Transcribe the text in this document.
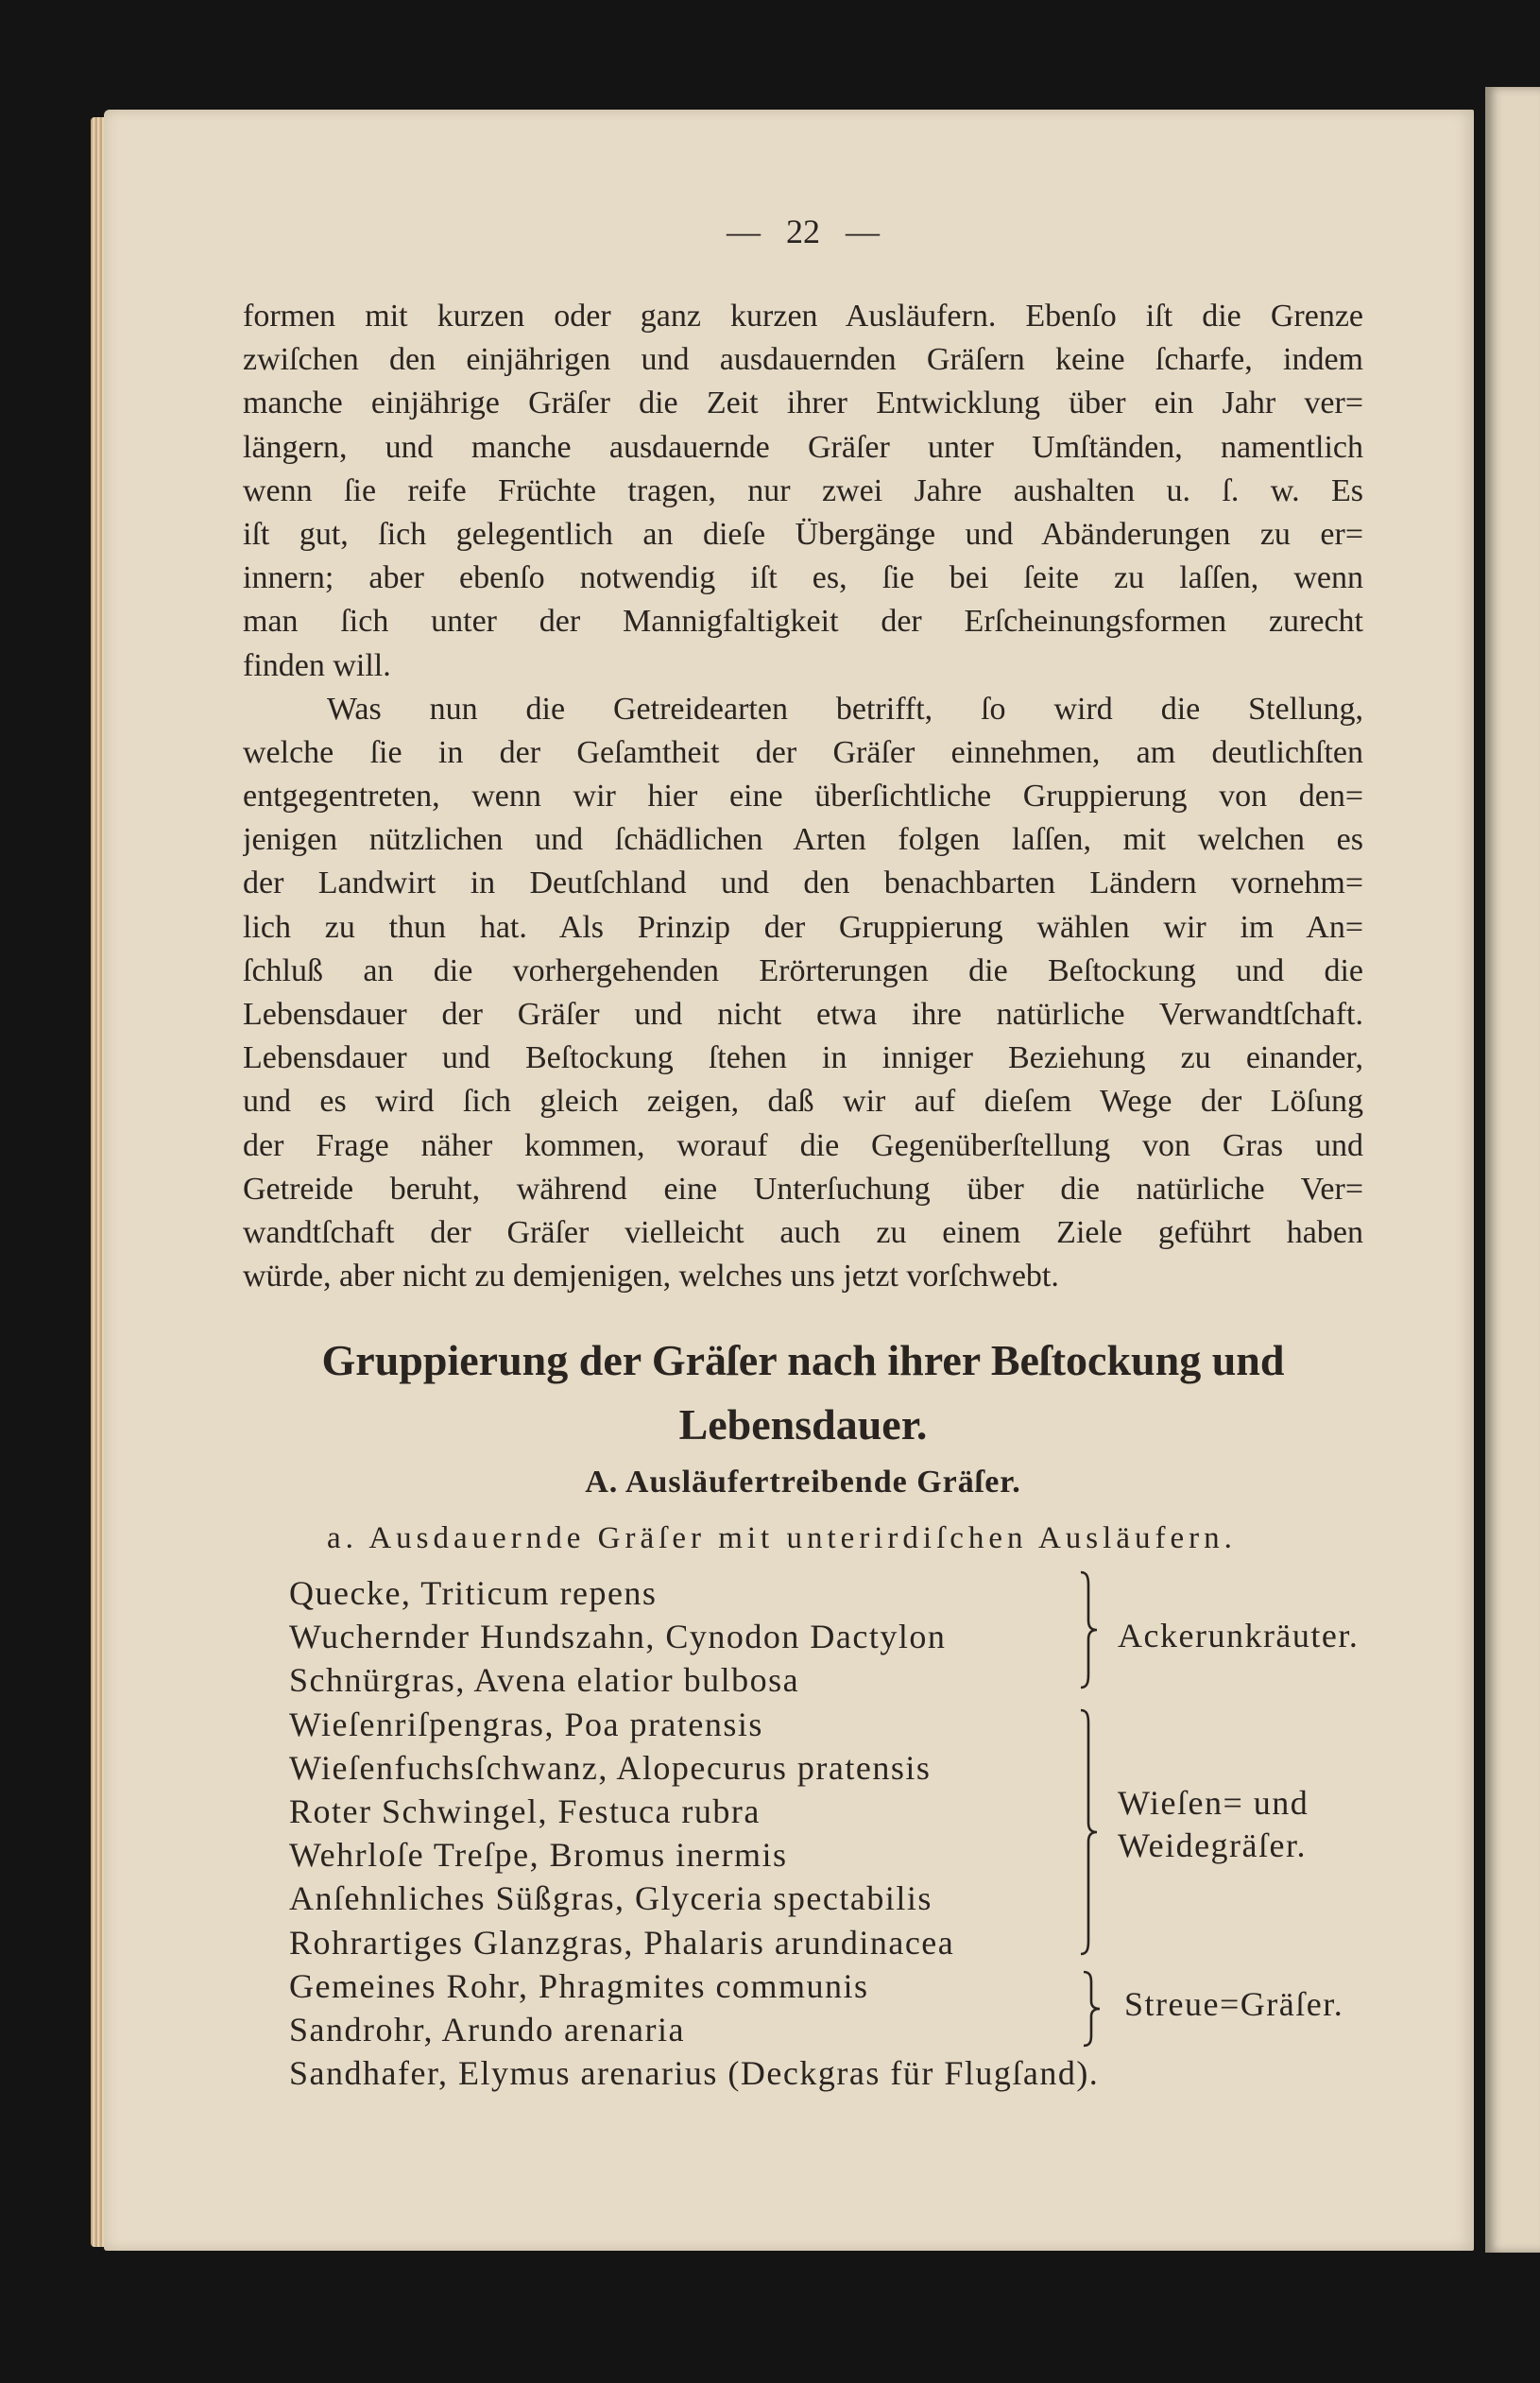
— 22 —
formen mit kurzen oder ganz kurzen Ausläufern. Ebenſo iſt die Grenze
zwiſchen den einjährigen und ausdauernden Gräſern keine ſcharfe, indem
manche einjährige Gräſer die Zeit ihrer Entwicklung über ein Jahr ver=
längern, und manche ausdauernde Gräſer unter Umſtänden, namentlich
wenn ſie reife Früchte tragen, nur zwei Jahre aushalten u. ſ. w. Es
iſt gut, ſich gelegentlich an dieſe Übergänge und Abänderungen zu er=
innern; aber ebenſo notwendig iſt es, ſie bei ſeite zu laſſen, wenn
man ſich unter der Mannigfaltigkeit der Erſcheinungsformen zurecht
finden will.
Was nun die Getreidearten betrifft, ſo wird die Stellung,
welche ſie in der Geſamtheit der Gräſer einnehmen, am deutlichſten
entgegentreten, wenn wir hier eine überſichtliche Gruppierung von den=
jenigen nützlichen und ſchädlichen Arten folgen laſſen, mit welchen es
der Landwirt in Deutſchland und den benachbarten Ländern vornehm=
lich zu thun hat. Als Prinzip der Gruppierung wählen wir im An=
ſchluß an die vorhergehenden Erörterungen die Beſtockung und die
Lebensdauer der Gräſer und nicht etwa ihre natürliche Verwandtſchaft.
Lebensdauer und Beſtockung ſtehen in inniger Beziehung zu einander,
und es wird ſich gleich zeigen, daß wir auf dieſem Wege der Löſung
der Frage näher kommen, worauf die Gegenüberſtellung von Gras und
Getreide beruht, während eine Unterſuchung über die natürliche Ver=
wandtſchaft der Gräſer vielleicht auch zu einem Ziele geführt haben
würde, aber nicht zu demjenigen, welches uns jetzt vorſchwebt.
Gruppierung der Gräſer nach ihrer Beſtockung und
Lebensdauer.
A. Ausläufertreibende Gräſer.
a. Ausdauernde Gräſer mit unterirdiſchen Ausläufern.
Quecke, Triticum repens
Wuchernder Hundszahn, Cynodon Dactylon
Schnürgras, Avena elatior bulbosa
Wieſenriſpengras, Poa pratensis
Wieſenfuchsſchwanz, Alopecurus pratensis
Roter Schwingel, Festuca rubra
Wehrloſe Treſpe, Bromus inermis
Anſehnliches Süßgras, Glyceria spectabilis
Rohrartiges Glanzgras, Phalaris arundinacea
Gemeines Rohr, Phragmites communis
Sandrohr, Arundo arenaria
Sandhafer, Elymus arenarius (Deckgras für Flugſand).
Ackerunkräuter.
Wieſen= und
Weidegräſer.
Streue=Gräſer.
